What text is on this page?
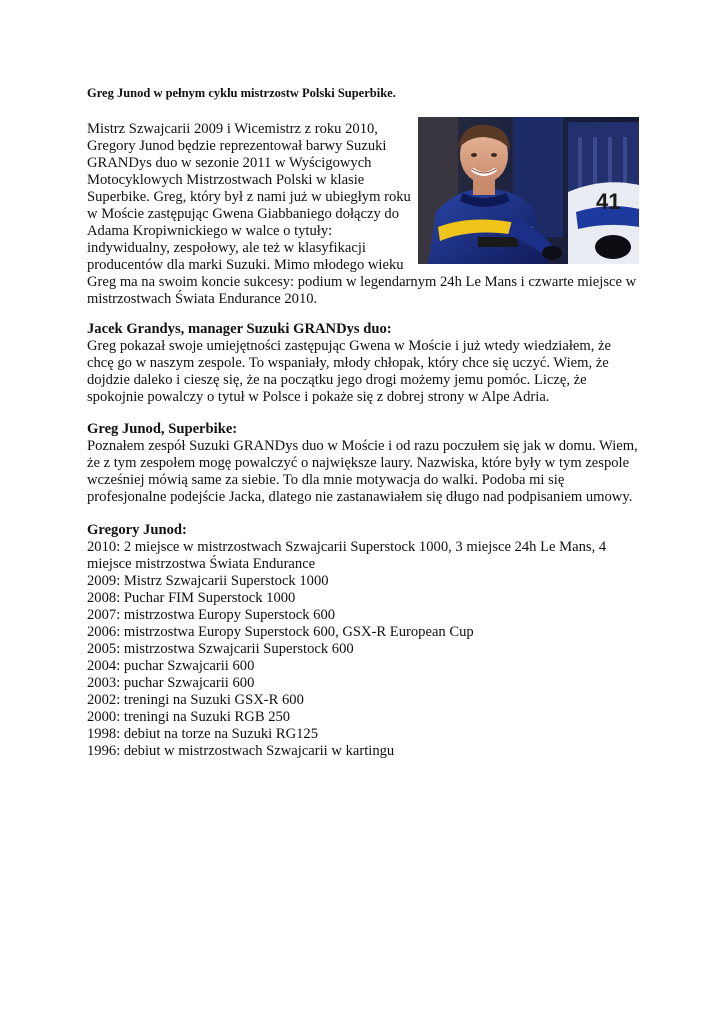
Greg Junod w pełnym cyklu mistrzostw Polski Superbike.
41
Mistrz Szwajcarii 2009 i Wicemistrz z roku 2010,
Gregory Junod będzie reprezentował barwy Suzuki
GRANDys duo w sezonie 2011 w Wyścigowych
Motocyklowych Mistrzostwach Polski w klasie
Superbike. Greg, który był z nami już w ubiegłym roku
w Moście zastępując Gwena Giabbaniego dołączy do
Adama Kropiwnickiego w walce o tytuły:
indywidualny, zespołowy, ale też w klasyfikacji
producentów dla marki Suzuki. Mimo młodego wieku
Greg ma na swoim koncie sukcesy: podium w legendarnym 24h Le Mans i czwarte miejsce w
mistrzostwach Świata Endurance 2010.
Jacek Grandys, manager Suzuki GRANDys duo:
Greg pokazał swoje umiejętności zastępując Gwena w Moście i już wtedy wiedziałem, że
chcę go w naszym zespole. To wspaniały, młody chłopak, który chce się uczyć. Wiem, że
dojdzie daleko i cieszę się, że na początku jego drogi możemy jemu pomóc. Liczę, że
spokojnie powalczy o tytuł w Polsce i pokaże się z dobrej strony w Alpe Adria.
Greg Junod, Superbike:
Poznałem zespół Suzuki GRANDys duo w Moście i od razu poczułem się jak w domu. Wiem,
że z tym zespołem mogę powalczyć o największe laury. Nazwiska, które były w tym zespole
wcześniej mówią same za siebie. To dla mnie motywacja do walki. Podoba mi się
profesjonalne podejście Jacka, dlatego nie zastanawiałem się długo nad podpisaniem umowy.
Gregory Junod:
2010: 2 miejsce w mistrzostwach Szwajcarii Superstock 1000, 3 miejsce 24h Le Mans, 4
miejsce mistrzostwa Świata Endurance
2009: Mistrz Szwajcarii Superstock 1000
2008: Puchar FIM Superstock 1000
2007: mistrzostwa Europy Superstock 600
2006: mistrzostwa Europy Superstock 600, GSX-R European Cup
2005: mistrzostwa Szwajcarii Superstock 600
2004: puchar Szwajcarii 600
2003: puchar Szwajcarii 600
2002: treningi na Suzuki GSX-R 600
2000: treningi na Suzuki RGB 250
1998: debiut na torze na Suzuki RG125
1996: debiut w mistrzostwach Szwajcarii w kartingu
